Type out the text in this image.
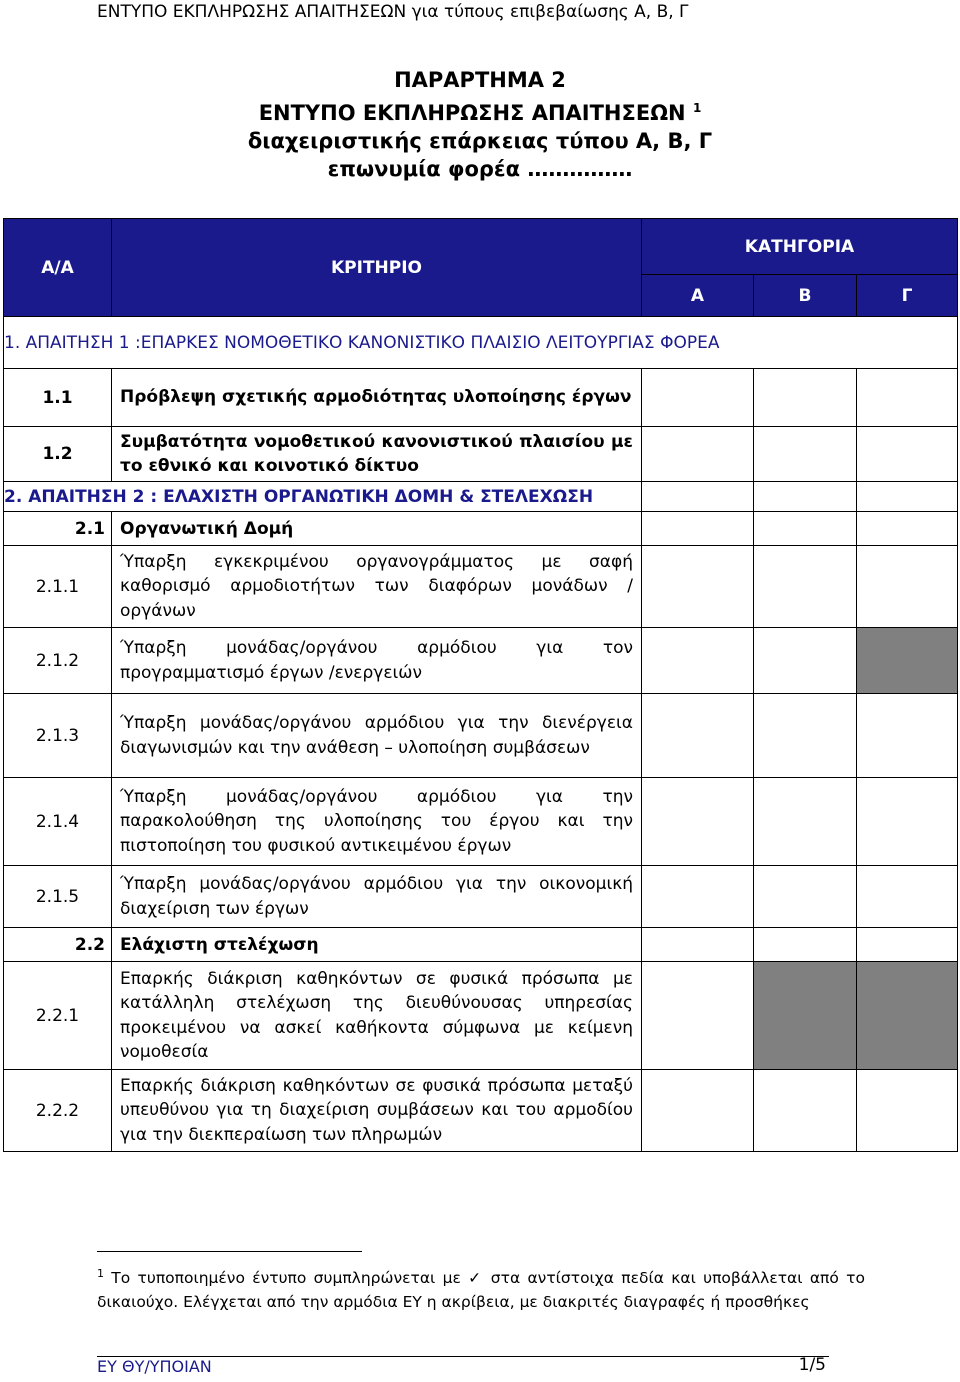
ΕΝΤΥΠΟ ΕΚΠΛΗΡΩΣΗΣ ΑΠΑΙΤΗΣΕΩΝ για τύπους επιβεβαίωσης Α, Β, Γ
ΠΑΡΑΡΤΗΜΑ 2
ΕΝΤΥΠΟ ΕΚΠΛΗΡΩΣΗΣ ΑΠΑΙΤΗΣΕΩΝ $^1$
διαχειριστικής επάρκειας τύπου Α, Β, Γ
επωνυμία φορέα ……………
Α/Α	ΚΡΙΤΗΡΙΟ	ΚΑΤΗΓΟΡΙΑ		
		Α	Β	Γ
1. ΑΠΑΙΤΗΣΗ 1 :ΕΠΑΡΚΕΣ ΝΟΜΟΘΕΤΙΚΟ ΚΑΝΟΝΙΣΤΙΚΟ ΠΛΑΙΣΙΟ ΛΕΙΤΟΥΡΓΙΑΣ ΦΟΡΕΑ				
1.1	Πρόβλεψη σχετικής αρμοδιότητας υλοποίησης έργων			
1.2	Συμβατότητα νομοθετικού κανονιστικού πλαισίου με το εθνικό και κοινοτικό δίκτυο			
2. ΑΠΑΙΤΗΣΗ 2 : ΕΛΑΧΙΣΤΗ ΟΡΓΑΝΩΤΙΚΗ ΔΟΜΗ & ΣΤΕΛΕΧΩΣΗ				
2.1	Οργανωτική Δομή			
2.1.1	Ύπαρξη εγκεκριμένου οργανογράμματος με σαφή καθορισμό αρμοδιοτήτων των διαφόρων μονάδων /οργάνων			
2.1.2	Ύπαρξη μονάδας/οργάνου αρμόδιου για τον προγραμματισμό έργων /ενεργειών			
2.1.3	Ύπαρξη μονάδας/οργάνου αρμόδιου για την διενέργεια διαγωνισμών και την ανάθεση – υλοποίηση συμβάσεων			
2.1.4	Ύπαρξη μονάδας/οργάνου αρμόδιου για την παρακολούθηση της υλοποίησης του έργου και την πιστοποίηση του φυσικού αντικειμένου έργων			
2.1.5	Ύπαρξη μονάδας/οργάνου αρμόδιου για την οικονομική διαχείριση των έργων			
2.2	Ελάχιστη στελέχωση			
2.2.1	Επαρκής διάκριση καθηκόντων σε φυσικά πρόσωπα με κατάλληλη στελέχωση της διευθύνουσας υπηρεσίας προκειμένου να ασκεί καθήκοντα σύμφωνα με κείμενη νομοθεσία			
2.2.2	Επαρκής διάκριση καθηκόντων σε φυσικά πρόσωπα μεταξύ υπευθύνου για τη διαχείριση συμβάσεων και του αρμοδίου για την διεκπεραίωση των πληρωμών			
$^1$ Το τυποποιημένο έντυπο συμπληρώνεται με ✓ στα αντίστοιχα πεδία και υποβάλλεται από το δικαιούχο. Ελέγχεται από την αρμόδια ΕΥ η ακρίβεια, με διακριτές διαγραφές ή προσθήκες
ΕΥ ΘΥ/ΥΠΟΙΑΝ	1/5
